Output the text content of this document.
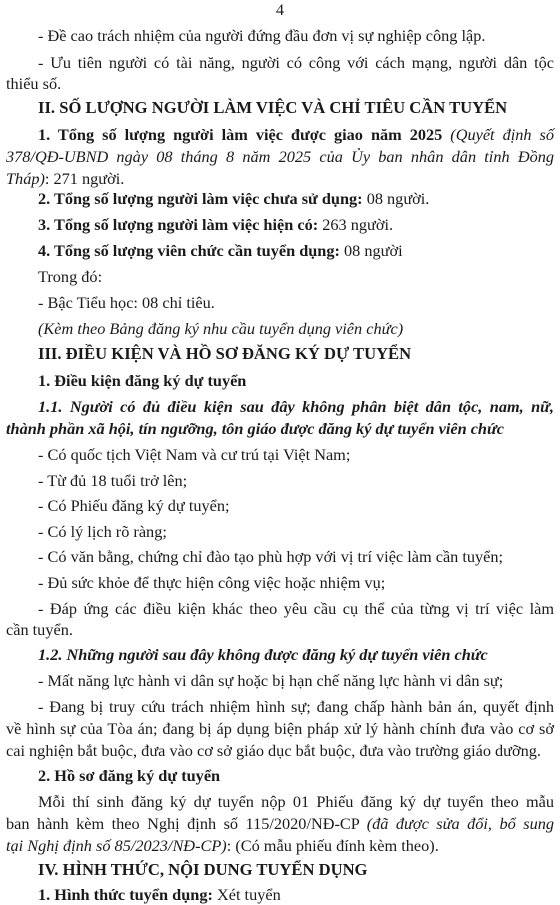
4
- Đề cao trách nhiệm của người đứng đầu đơn vị sự nghiệp công lập.
- Ưu tiên người có tài năng, người có công với cách mạng, người dân tộc
thiểu số.
II. SỐ LƯỢNG NGƯỜI LÀM VIỆC VÀ CHỈ TIÊU CẦN TUYỂN
1. Tổng số lượng người làm việc được giao năm 2025 (Quyết định số
378/QĐ-UBND ngày 08 tháng 8 năm 2025 của Ủy ban nhân dân tỉnh Đồng
Tháp): 271 người.
2. Tổng số lượng người làm việc chưa sử dụng: 08 người.
3. Tổng số lượng người làm việc hiện có: 263 người.
4. Tổng số lượng viên chức cần tuyển dụng: 08 người
Trong đó:
- Bậc Tiểu học: 08 chỉ tiêu.
(Kèm theo Bảng đăng ký nhu cầu tuyển dụng viên chức)
III. ĐIỀU KIỆN VÀ HỒ SƠ ĐĂNG KÝ DỰ TUYỂN
1. Điều kiện đăng ký dự tuyển
1.1. Người có đủ điều kiện sau đây không phân biệt dân tộc, nam, nữ,
thành phần xã hội, tín ngưỡng, tôn giáo được đăng ký dự tuyển viên chức
- Có quốc tịch Việt Nam và cư trú tại Việt Nam;
- Từ đủ 18 tuổi trở lên;
- Có Phiếu đăng ký dự tuyển;
- Có lý lịch rõ ràng;
- Có văn bằng, chứng chỉ đào tạo phù hợp với vị trí việc làm cần tuyển;
- Đủ sức khỏe để thực hiện công việc hoặc nhiệm vụ;
- Đáp ứng các điều kiện khác theo yêu cầu cụ thể của từng vị trí việc làm
cần tuyển.
1.2. Những người sau đây không được đăng ký dự tuyển viên chức
- Mất năng lực hành vi dân sự hoặc bị hạn chế năng lực hành vi dân sự;
- Đang bị truy cứu trách nhiệm hình sự; đang chấp hành bản án, quyết định
về hình sự của Tòa án; đang bị áp dụng biện pháp xử lý hành chính đưa vào cơ sở
cai nghiện bắt buộc, đưa vào cơ sở giáo dục bắt buộc, đưa vào trường giáo dưỡng.
2. Hồ sơ đăng ký dự tuyển
Mỗi thí sinh đăng ký dự tuyển nộp 01 Phiếu đăng ký dự tuyển theo mẫu
ban hành kèm theo Nghị định số 115/2020/NĐ-CP (đã được sửa đổi, bổ sung
tại Nghị định số 85/2023/NĐ-CP): (Có mẫu phiếu đính kèm theo).
IV. HÌNH THỨC, NỘI DUNG TUYỂN DỤNG
1. Hình thức tuyển dụng: Xét tuyển
